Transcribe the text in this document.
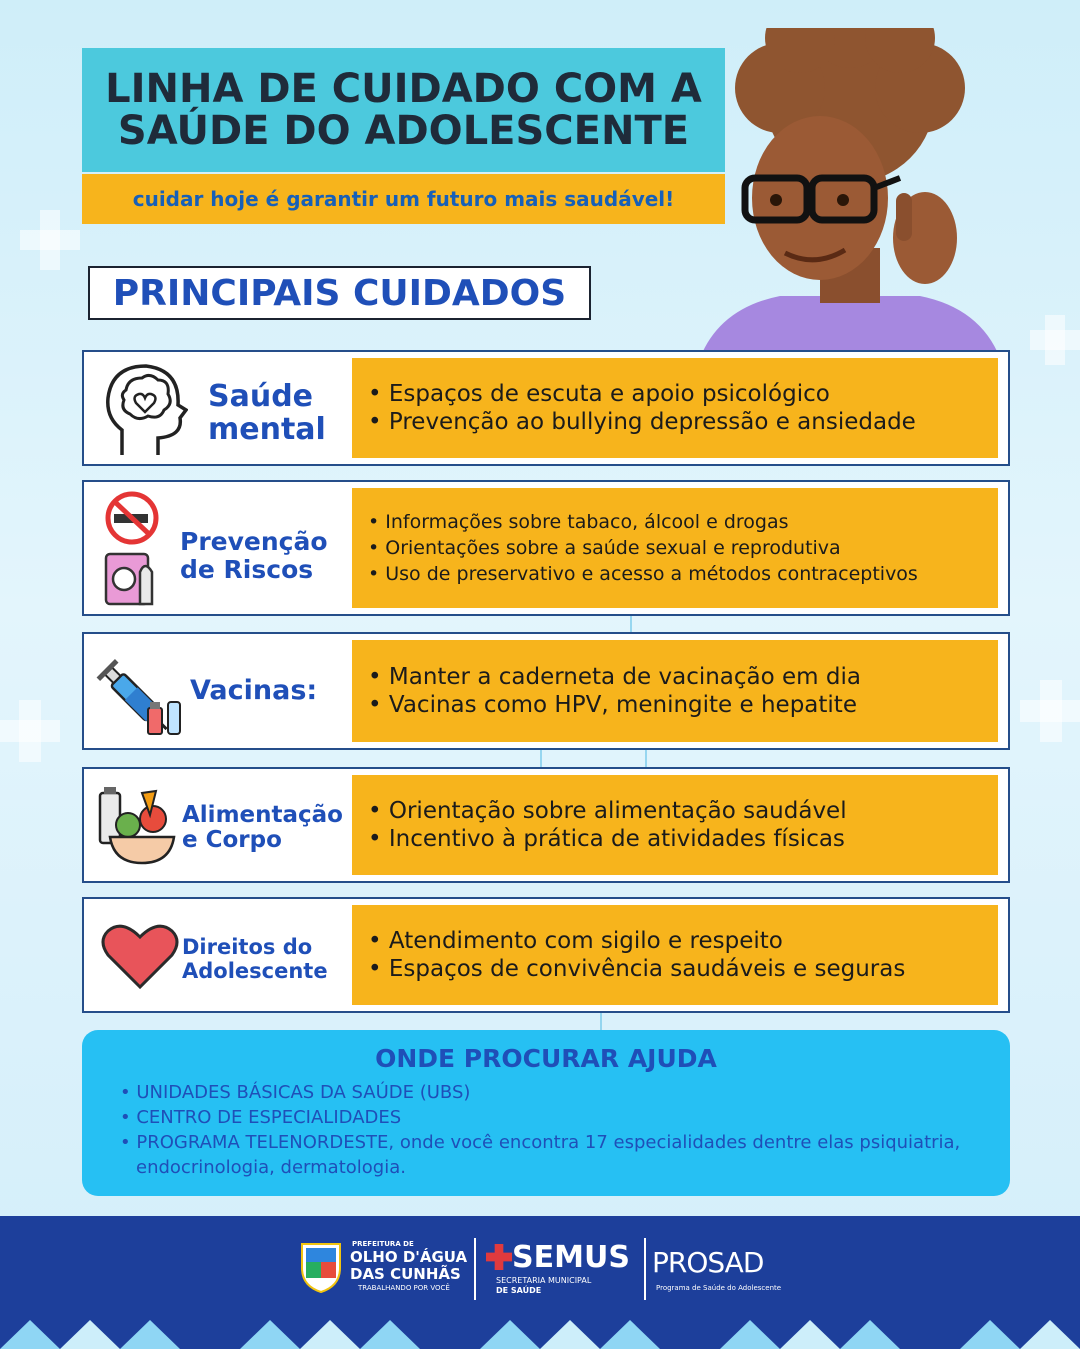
LINHA DE CUIDADO COM A
SAÚDE DO ADOLESCENTE
cuidar hoje é garantir um futuro mais saudável!
PRINCIPAIS CUIDADOS
Saúde
mental
• Espaços de escuta e apoio psicológico
• Prevenção ao bullying depressão e ansiedade
Prevenção
de Riscos
• Informações sobre tabaco, álcool e drogas
• Orientações sobre a saúde sexual e reprodutiva
• Uso de preservativo e acesso a métodos contraceptivos
Vacinas: • Manter a caderneta de vacinação em dia
• Vacinas como HPV, meningite e hepatite
Alimentação
e Corpo
• Orientação sobre alimentação saudável
• Incentivo à prática de atividades físicas
Direitos do
Adolescente
• Atendimento com sigilo e respeito
• Espaços de convivência saudáveis e seguras
ONDE PROCURAR AJUDA
• UNIDADES BÁSICAS DA SAÚDE (UBS)
• CENTRO DE ESPECIALIDADES
• PROGRAMA TELENORDESTE, onde você encontra 17 especialidades dentre elas psiquiatria, endocrinologia, dermatologia.
PREFEITURA DE
OLHO D'ÁGUA
DAS CUNHÃS
TRABALHANDO POR VOCÊ
SEMUS
SECRETARIA MUNICIPAL
DE SAÚDE
PROSAD
Programa de Saúde do Adolescente
